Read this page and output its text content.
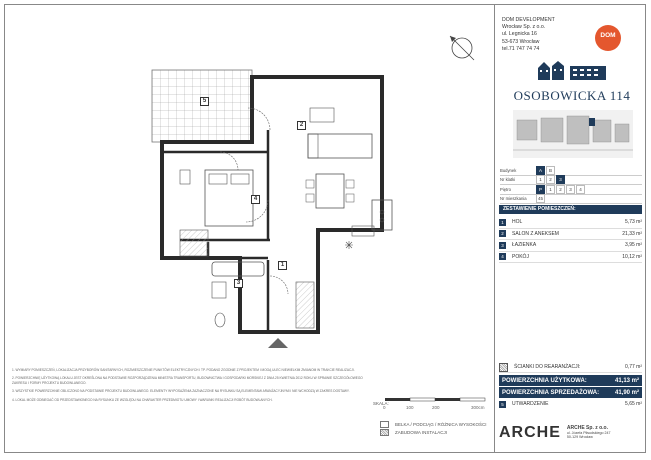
5
2
4
1
3

1. WYMIARY POMIESZCZEŃ, LOKALIZACJA PRZYBORÓW SANITARNYCH, ROZMIESZCZENIE PUNKTÓW ELEKTRYCZNYCH I TP. PODANO ZGODNIE Z PROJEKTEM I MOGĄ ULEC NIEWIELKIM ZMIANOM W TRAKCIE REALIZACJI.

2. POWIERZCHNIĘ UŻYTKOWĄ LOKALU JEST OKREŚLONA NA PODSTAWIE ROZPORZĄDZENIA MINISTRA TRANSPORTU, BUDOWNICTWA I GOSPODARKI MORSKIEJ Z DNIA 25 KWIETNIA 2012 ROKU W SPRAWIE SZCZEGÓŁOWEGO ZAKRESU I FORMY PROJEKTU BUDOWLANEGO.

3. WSZYSTKIE POWIERZCHNIE OBLICZONO NA PODSTAWIE PROJEKTU BUDOWLANEGO. ELEMENTY WYPOSAŻENIA ZAZNACZONE NA RYSUNKU SĄ ELEMENTAMI ARANŻACYJNYMI I NIE WCHODZĄ W ZAKRES DOSTAWY.

4. LOKAL MOŻE ODBIEGAĆ OD PRZEDSTAWIONEGO NA RYSUNKU ZE WZGLĘDU NA CHARAKTER PRZEDMIOTU UMOWY I WARUNKI REALIZACJI ROBÓT BUDOWLANYCH.

SKALA:
0	100	200	300cm
BELKA / PODCIĄG / RÓŻNICA WYSOKOŚCI
ZABUDOWA INSTALACJI
DOM DEVELOPMENT
Wrocław Sp. z o.o.
ul. Legnicka 16
53-673 Wrocław
tel.71 747 74 74
DOM
OSOBOWICKA 114
Budynek	A	B
Nr klatki	1	2	3
Piętro	P	1	2	3	4
Nr mieszkania	45
ZESTAWIENIE POMIESZCZEŃ:
1	HOL	5,73 m²
2	SALON Z ANEKSEM	21,33 m²
3	ŁAZIENKA	3,95 m²
4	POKÓJ	10,12 m²
ŚCIANKI DO REARANŻACJI:	0,77 m²
POWIERZCHNIA UŻYTKOWA:	41,13 m²
POWIERZCHNIA SPRZEDAŻOWA:	41,90 m²
5	UTWARDZENIE	5,65 m²
ARCHE ARCHE Sp. z o.o.
ul. Józefa Piłsudskiego 247
50-129 Wrocław
